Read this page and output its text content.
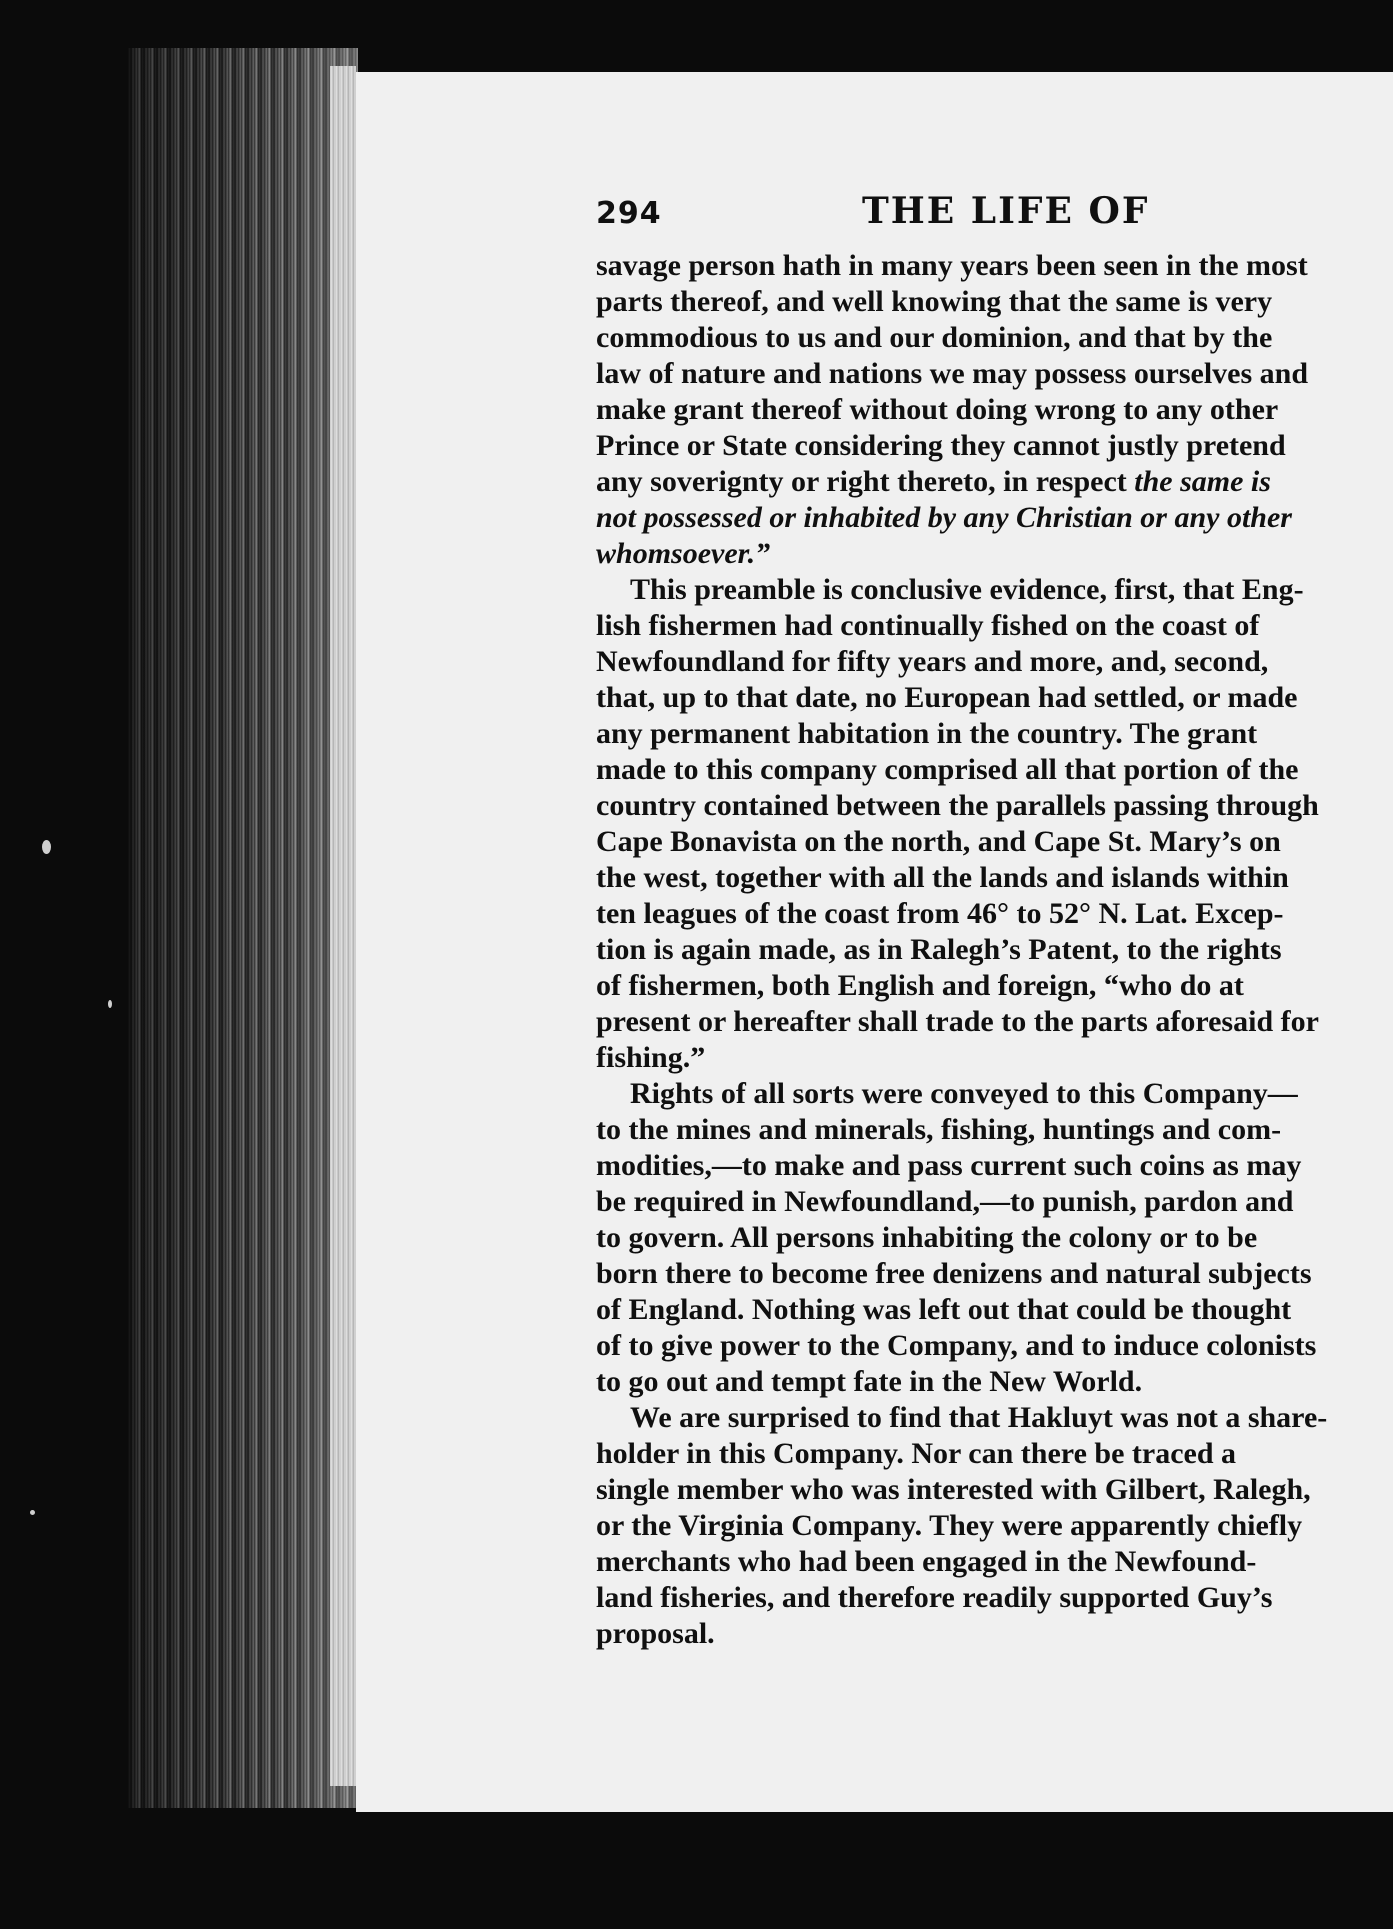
294	THE LIFE OF
savage person hath in many years been seen in the most
parts thereof, and well knowing that the same is very
commodious to us and our dominion, and that by the
law of nature and nations we may possess ourselves and
make grant thereof without doing wrong to any other
Prince or State considering they cannot justly pretend
any soverignty or right thereto, in respect the same is
not possessed or inhabited by any Christian or any other
whomsoever.”
This preamble is conclusive evidence, first, that Eng-
lish fishermen had continually fished on the coast of
Newfoundland for fifty years and more, and, second,
that, up to that date, no European had settled, or made
any permanent habitation in the country. The grant
made to this company comprised all that portion of the
country contained between the parallels passing through
Cape Bonavista on the north, and Cape St. Mary’s on
the west, together with all the lands and islands within
ten leagues of the coast from 46° to 52° N. Lat. Excep-
tion is again made, as in Ralegh’s Patent, to the rights
of fishermen, both English and foreign, “who do at
present or hereafter shall trade to the parts aforesaid for
fishing.”
Rights of all sorts were conveyed to this Company—
to the mines and minerals, fishing, huntings and com-
modities,—to make and pass current such coins as may
be required in Newfoundland,—to punish, pardon and
to govern. All persons inhabiting the colony or to be
born there to become free denizens and natural subjects
of England. Nothing was left out that could be thought
of to give power to the Company, and to induce colonists
to go out and tempt fate in the New World.
We are surprised to find that Hakluyt was not a share-
holder in this Company. Nor can there be traced a
single member who was interested with Gilbert, Ralegh,
or the Virginia Company. They were apparently chiefly
merchants who had been engaged in the Newfound-
land fisheries, and therefore readily supported Guy’s
proposal.
